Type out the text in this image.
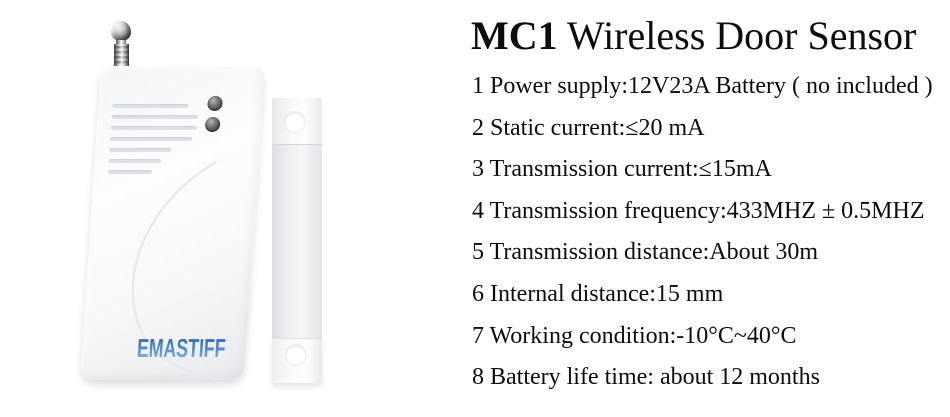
EMASTIFF
MC1 Wireless Door Sensor

1 Power supply:12V23A Battery ( no included )

2 Static current:≤20 mA

3 Transmission current:≤15mA

4 Transmission frequency:433MHZ ± 0.5MHZ

5 Transmission distance:About 30m

6 Internal distance:15 mm

7 Working condition:-10°C~40°C

8 Battery life time: about 12 months
